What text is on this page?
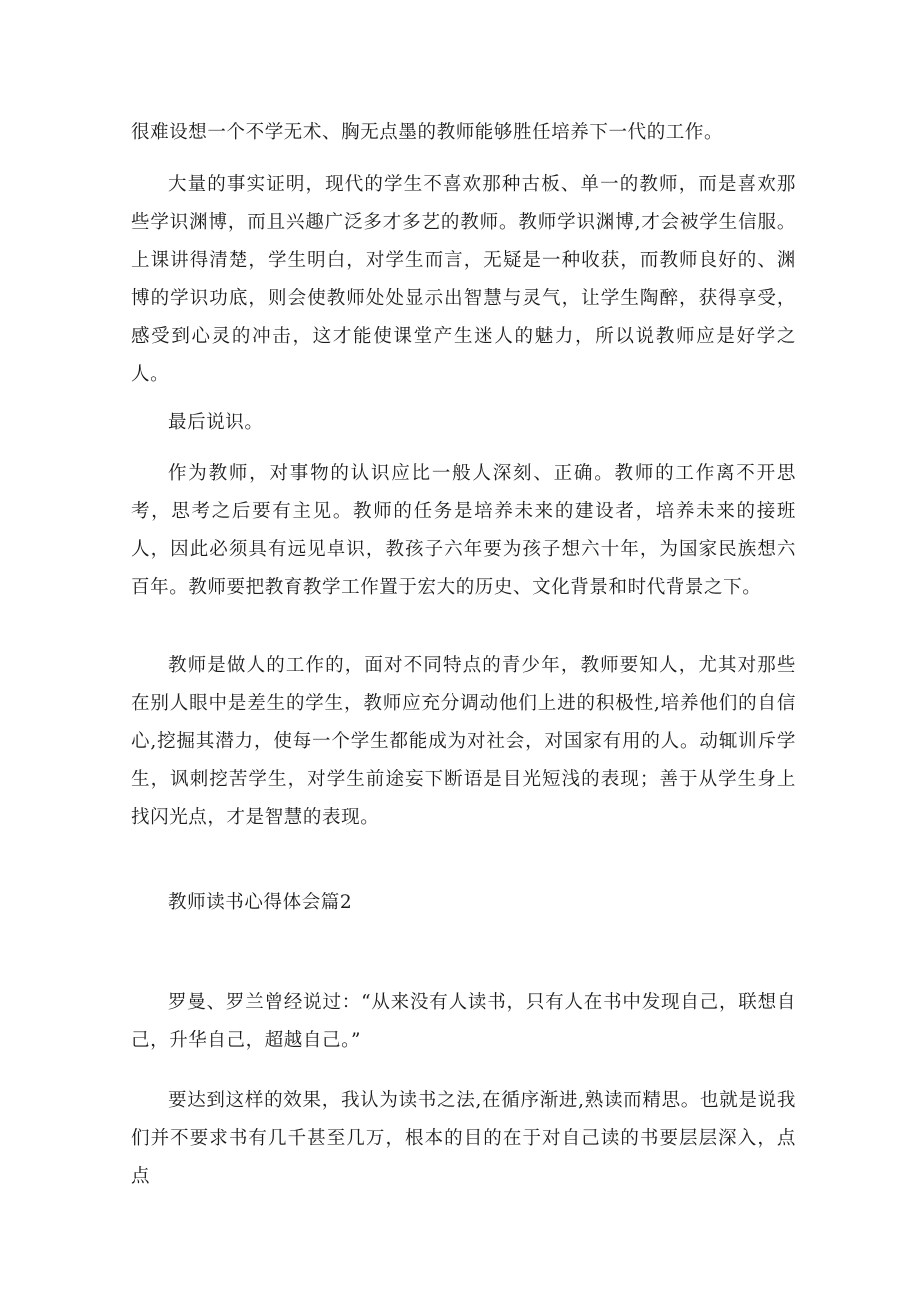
很难设想一个不学无术、胸无点墨的教师能够胜任培养下一代的工作。
大量的事实证明，现代的学生不喜欢那种古板、单一的教师，而是喜欢那些学识渊博，而且兴趣广泛多才多艺的教师。教师学识渊博,才会被学生信服。上课讲得清楚，学生明白，对学生而言，无疑是一种收获，而教师良好的、渊博的学识功底，则会使教师处处显示出智慧与灵气，让学生陶醉，获得享受，感受到心灵的冲击，这才能使课堂产生迷人的魅力，所以说教师应是好学之人。
最后说识。
作为教师，对事物的认识应比一般人深刻、正确。教师的工作离不开思考，思考之后要有主见。教师的任务是培养未来的建设者，培养未来的接班人，因此必须具有远见卓识，教孩子六年要为孩子想六十年，为国家民族想六百年。教师要把教育教学工作置于宏大的历史、文化背景和时代背景之下。
教师是做人的工作的，面对不同特点的青少年，教师要知人，尤其对那些在别人眼中是差生的学生，教师应充分调动他们上进的积极性,培养他们的自信心,挖掘其潜力，使每一个学生都能成为对社会，对国家有用的人。动辄训斥学生，讽刺挖苦学生，对学生前途妄下断语是目光短浅的表现；善于从学生身上找闪光点，才是智慧的表现。
教师读书心得体会篇2
罗曼、罗兰曾经说过：“从来没有人读书，只有人在书中发现自己，联想自己，升华自己，超越自己。”
要达到这样的效果，我认为读书之法,在循序渐进,熟读而精思。也就是说我们并不要求书有几千甚至几万，根本的目的在于对自己读的书要层层深入，点点
